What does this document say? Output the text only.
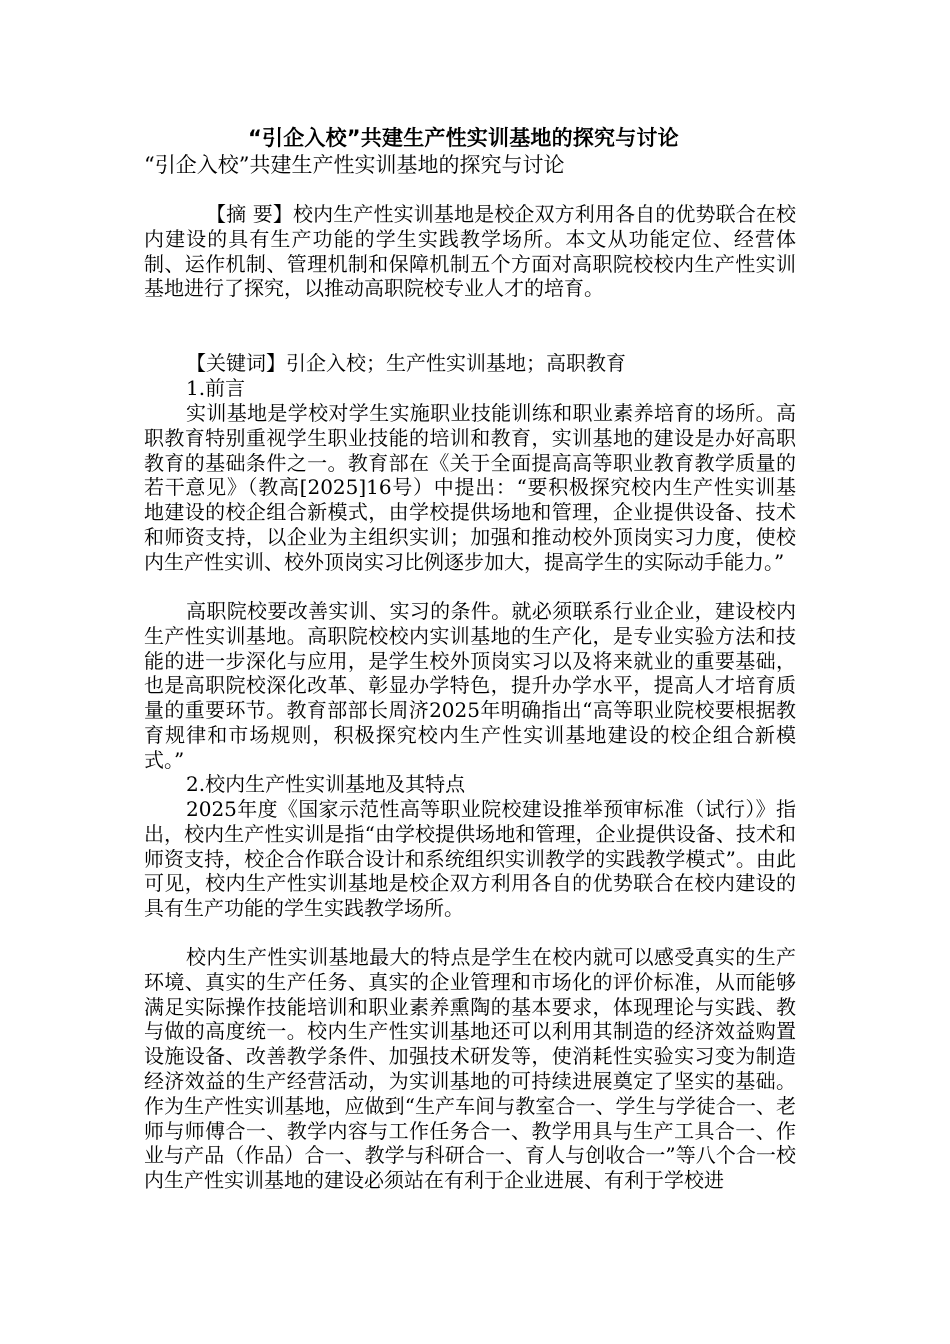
“引企入校”共建生产性实训基地的探究与讨论
“引企入校”共建生产性实训基地的探究与讨论
【摘 要】校内生产性实训基地是校企双方利用各自的优势联合在校内建设的具有生产功能的学生实践教学场所。本文从功能定位、经营体制、运作机制、管理机制和保障机制五个方面对高职院校校内生产性实训基地进行了探究，以推动高职院校专业人才的培育。
【关键词】引企入校；生产性实训基地；高职教育
1.前言
实训基地是学校对学生实施职业技能训练和职业素养培育的场所。高职教育特别重视学生职业技能的培训和教育，实训基地的建设是办好高职教育的基础条件之一。教育部在《关于全面提高高等职业教育教学质量的若干意见》（教高[2025]16号）中提出：“要积极探究校内生产性实训基地建设的校企组合新模式，由学校提供场地和管理，企业提供设备、技术和师资支持，以企业为主组织实训；加强和推动校外顶岗实习力度，使校内生产性实训、校外顶岗实习比例逐步加大，提高学生的实际动手能力。”
高职院校要改善实训、实习的条件。就必须联系行业企业，建设校内生产性实训基地。高职院校校内实训基地的生产化，是专业实验方法和技能的进一步深化与应用，是学生校外顶岗实习以及将来就业的重要基础，也是高职院校深化改革、彰显办学特色，提升办学水平，提高人才培育质量的重要环节。教育部部长周济2025年明确指出“高等职业院校要根据教育规律和市场规则，积极探究校内生产性实训基地建设的校企组合新模式。”
2.校内生产性实训基地及其特点
2025年度《国家示范性高等职业院校建设推举预审标准（试行）》指出，校内生产性实训是指“由学校提供场地和管理，企业提供设备、技术和师资支持，校企合作联合设计和系统组织实训教学的实践教学模式”。由此可见，校内生产性实训基地是校企双方利用各自的优势联合在校内建设的具有生产功能的学生实践教学场所。
校内生产性实训基地最大的特点是学生在校内就可以感受真实的生产环境、真实的生产任务、真实的企业管理和市场化的评价标准，从而能够满足实际操作技能培训和职业素养熏陶的基本要求，体现理论与实践、教与做的高度统一。校内生产性实训基地还可以利用其制造的经济效益购置设施设备、改善教学条件、加强技术研发等，使消耗性实验实习变为制造经济效益的生产经营活动，为实训基地的可持续进展奠定了坚实的基础。作为生产性实训基地，应做到“生产车间与教室合一、学生与学徒合一、老师与师傅合一、教学内容与工作任务合一、教学用具与生产工具合一、作业与产品（作品）合一、教学与科研合一、育人与创收合一”等八个合一校内生产性实训基地的建设必须站在有利于企业进展、有利于学校进
